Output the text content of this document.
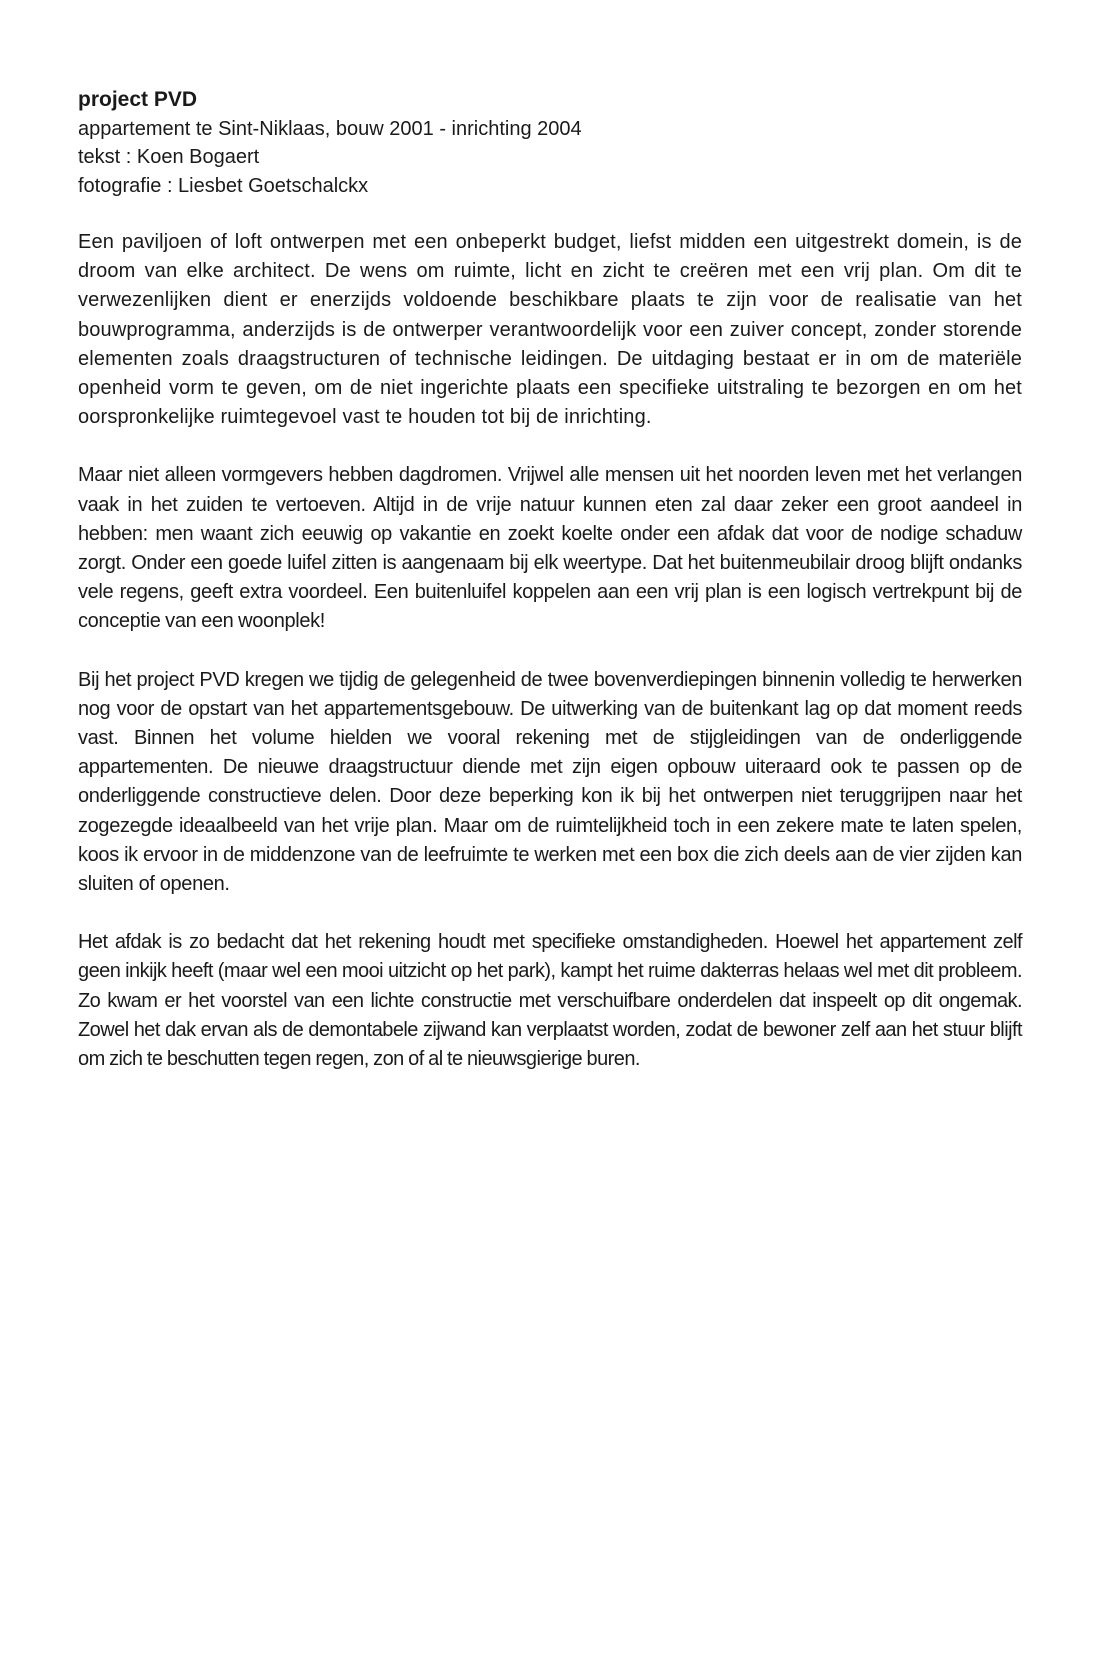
project PVD
appartement te Sint-Niklaas, bouw 2001 - inrichting 2004
tekst : Koen Bogaert
fotografie : Liesbet Goetschalckx

Een paviljoen of loft ontwerpen met een onbeperkt budget, liefst midden een uitgestrekt domein, is de droom van elke architect. De wens om ruimte, licht en zicht te creëren met een vrij plan. Om dit te verwezenlijken dient er enerzijds voldoende beschikbare plaats te zijn voor de realisatie van het bouwprogramma, anderzijds is de ontwerper verantwoordelijk voor een zuiver concept, zonder storende elementen zoals draagstructuren of technische leidingen. De uitdaging bestaat er in om de materiële openheid vorm te geven, om de niet ingerichte plaats een specifieke uitstraling te bezorgen en om het oorspronkelijke ruimtegevoel vast te houden tot bij de inrichting.

Maar niet alleen vormgevers hebben dagdromen. Vrijwel alle mensen uit het noorden leven met het verlangen vaak in het zuiden te vertoeven. Altijd in de vrije natuur kunnen eten zal daar zeker een groot aandeel in hebben: men waant zich eeuwig op vakantie en zoekt koelte onder een afdak dat voor de nodige schaduw zorgt. Onder een goede luifel zitten is aangenaam bij elk weertype. Dat het buitenmeubilair droog blijft ondanks vele regens, geeft extra voordeel. Een buitenluifel koppelen aan een vrij plan is een logisch vertrekpunt bij de conceptie van een woonplek!

Bij het project PVD kregen we tijdig de gelegenheid de twee bovenverdiepingen binnenin volledig te herwerken nog voor de opstart van het appartementsgebouw. De uitwerking van de buitenkant lag op dat moment reeds vast. Binnen het volume hielden we vooral rekening met de stijgleidingen van de onderliggende appartementen. De nieuwe draagstructuur diende met zijn eigen opbouw uiteraard ook te passen op de onderliggende constructieve delen. Door deze beperking kon ik bij het ontwerpen niet teruggrijpen naar het zogezegde ideaalbeeld van het vrije plan. Maar om de ruimtelijkheid toch in een zekere mate te laten spelen, koos ik ervoor in de middenzone van de leefruimte te werken met een box die zich deels aan de vier zijden kan sluiten of openen.

Het afdak is zo bedacht dat het rekening houdt met specifieke omstandigheden. Hoewel het appartement zelf geen inkijk heeft (maar wel een mooi uitzicht op het park), kampt het ruime dakterras helaas wel met dit probleem. Zo kwam er het voorstel van een lichte constructie met verschuifbare onderdelen dat inspeelt op dit ongemak. Zowel het dak ervan als de demontabele zijwand kan verplaatst worden, zodat de bewoner zelf aan het stuur blijft om zich te beschutten tegen regen, zon of al te nieuwsgierige buren.
